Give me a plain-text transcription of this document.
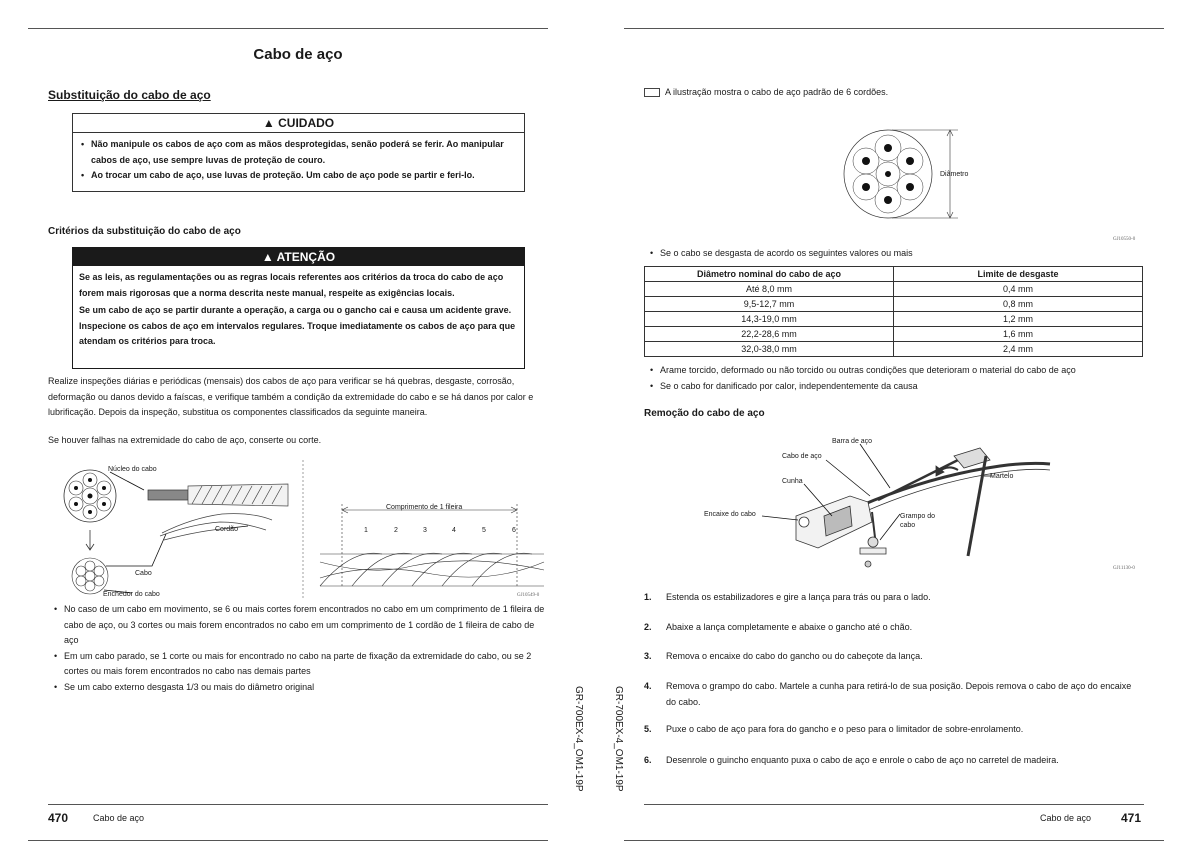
Cabo de aço
Substituição do cabo de aço
▲ CUIDADO
• Não manipule os cabos de aço com as mãos desprotegidas, senão poderá se ferir. Ao manipular cabos de aço, use sempre luvas de proteção de couro.
• Ao trocar um cabo de aço, use luvas de proteção. Um cabo de aço pode se partir e feri-lo.
Critérios da substituição do cabo de aço
▲ ATENÇÃO
Se as leis, as regulamentações ou as regras locais referentes aos critérios da troca do cabo de aço forem mais rigorosas que a norma descrita neste manual, respeite as exigências locais.
Se um cabo de aço se partir durante a operação, a carga ou o gancho cai e causa um acidente grave. Inspecione os cabos de aço em intervalos regulares. Troque imediatamente os cabos de aço para que atendam os critérios para troca.
Realize inspeções diárias e periódicas (mensais) dos cabos de aço para verificar se há quebras, desgaste, corrosão, deformação ou danos devido a faíscas, e verifique também a condição da extremidade do cabo e se há danos por calor e lubrificação. Depois da inspeção, substitua os componentes classificados da seguinte maneira.
Se houver falhas na extremidade do cabo de aço, conserte ou corte.
Núcleo do cabo
Cordão
Cabo
Enchedor do cabo
Comprimento de 1 fileira
1	2	3	4	5	6
GJ10549-0
• No caso de um cabo em movimento, se 6 ou mais cortes forem encontrados no cabo em um comprimento de 1 fileira de cabo de aço, ou 3 cortes ou mais forem encontrados no cabo em um comprimento de 1 cordão de 1 fileira de cabo de aço
• Em um cabo parado, se 1 corte ou mais for encontrado no cabo na parte de fixação da extremidade do cabo, ou se 2 cortes ou mais forem encontrados no cabo nas demais partes
• Se um cabo externo desgasta 1/3 ou mais do diâmetro original	GR-700EX-4_OM1-19P
470	Cabo de aço
A ilustração mostra o cabo de aço padrão de 6 cordões.
Diâmetro
GJ10550-0
• Se o cabo se desgasta de acordo os seguintes valores ou mais
Diâmetro nominal do cabo de aço	Limite de desgaste
Até 8,0 mm	0,4 mm
9,5-12,7 mm	0,8 mm
14,3-19,0 mm	1,2 mm
22,2-28,6 mm	1,6 mm
32,0-38,0 mm	2,4 mm
• Arame torcido, deformado ou não torcido ou outras condições que deterioram o material do cabo de aço
• Se o cabo for danificado por calor, independentemente da causa
Remoção do cabo de aço
Barra de aço
Cabo de aço
Cunha
Martelo
Encaixe do cabo	Grampo do cabo
GJ11130-0
1. Estenda os estabilizadores e gire a lança para trás ou para o lado.
2. Abaixe a lança completamente e abaixe o gancho até o chão.
3. Remova o encaixe do cabo do gancho ou do cabeçote da lança.
4. Remova o grampo do cabo. Martele a cunha para retirá-lo de sua posição. Depois remova o cabo de aço do encaixe do cabo.
5. Puxe o cabo de aço para fora do gancho e o peso para o limitador de sobre-enrolamento.
6. Desenrole o guincho enquanto puxa o cabo de aço e enrole o cabo de aço no carretel de madeira.
GR-700EX-4_OM1-19P
Cabo de aço 471
